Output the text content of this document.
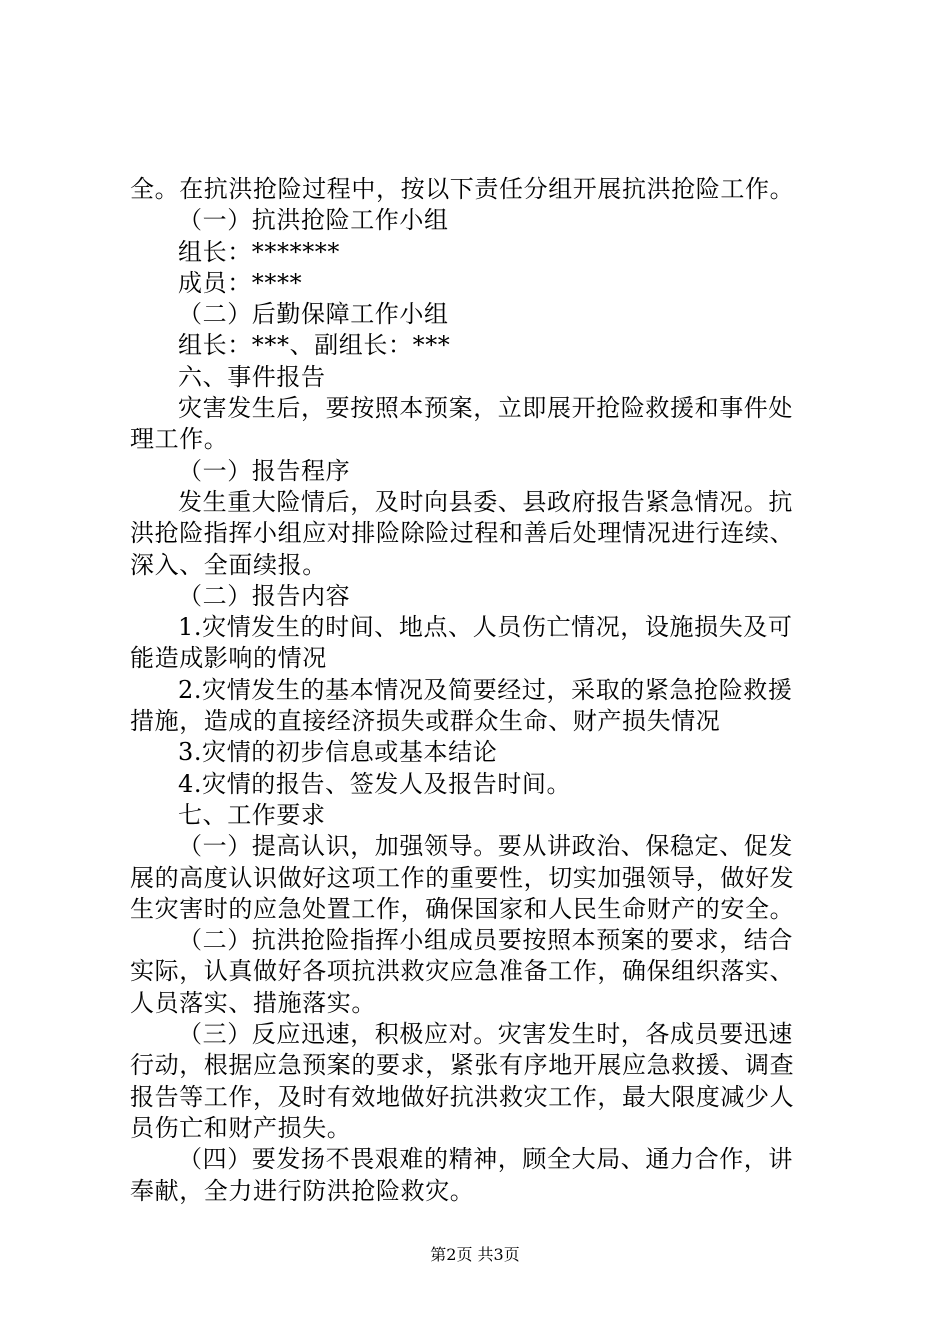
全。在抗洪抢险过程中，按以下责任分组开展抗洪抢险工作。
（一）抗洪抢险工作小组
组长：*******
成员：****
（二）后勤保障工作小组
组长：***、副组长：***
六、事件报告
灾害发生后，要按照本预案，立即展开抢险救援和事件处
理工作。
（一）报告程序
发生重大险情后，及时向县委、县政府报告紧急情况。抗
洪抢险指挥小组应对排险除险过程和善后处理情况进行连续、
深入、全面续报。
（二）报告内容
1.灾情发生的时间、地点、人员伤亡情况，设施损失及可
能造成影响的情况
2.灾情发生的基本情况及简要经过，采取的紧急抢险救援
措施，造成的直接经济损失或群众生命、财产损失情况
3.灾情的初步信息或基本结论
4.灾情的报告、签发人及报告时间。
七、工作要求
（一）提高认识，加强领导。要从讲政治、保稳定、促发
展的高度认识做好这项工作的重要性，切实加强领导，做好发
生灾害时的应急处置工作，确保国家和人民生命财产的安全。
（二）抗洪抢险指挥小组成员要按照本预案的要求，结合
实际，认真做好各项抗洪救灾应急准备工作，确保组织落实、
人员落实、措施落实。
（三）反应迅速，积极应对。灾害发生时，各成员要迅速
行动，根据应急预案的要求，紧张有序地开展应急救援、调查
报告等工作，及时有效地做好抗洪救灾工作，最大限度减少人
员伤亡和财产损失。
（四）要发扬不畏艰难的精神，顾全大局、通力合作，讲
奉献，全力进行防洪抢险救灾。
第2页 共3页
